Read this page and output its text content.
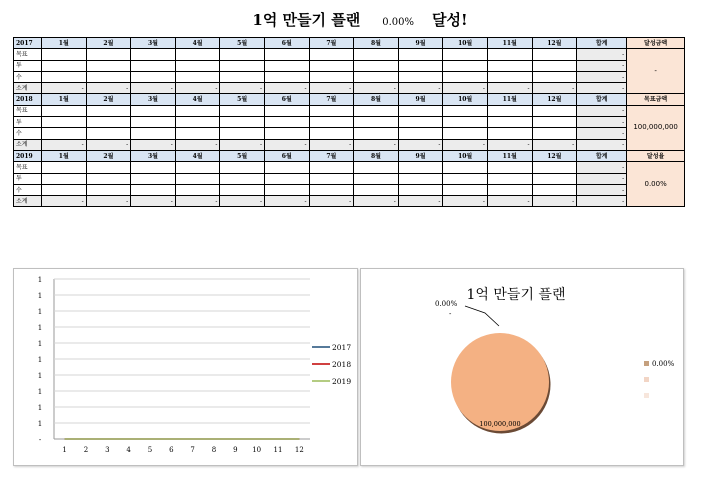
1억 만들기 플랜 0.00% 달성!
2017	1월	2월	3월	4월	5월	6월	7월	8월	9월	10월	11월	12월	합계	달성금액
목표													-	-
투													-	
수													-	
소계	-	-	-	-	-	-	-	-	-	-	-	-	-	
2018	1월	2월	3월	4월	5월	6월	7월	8월	9월	10월	11월	12월	합계	목표금액
목표													-	100,000,000
투													-	
수													-	
소계	-	-	-	-	-	-	-	-	-	-	-	-	-	
2019	1월	2월	3월	4월	5월	6월	7월	8월	9월	10월	11월	12월	합계	달성율
목표													-	0.00%
투													-	
수													-	
소계	-	-	-	-	-	-	-	-	-	-	-	-	-	
1
1
1
1
1
1
1
1
1
1
-
1 2 3 4 5 6 7 8 9 10 11 12
2017
2018
2019
1억 만들기 플랜
100,000,000
0.00%
-
0.00%
